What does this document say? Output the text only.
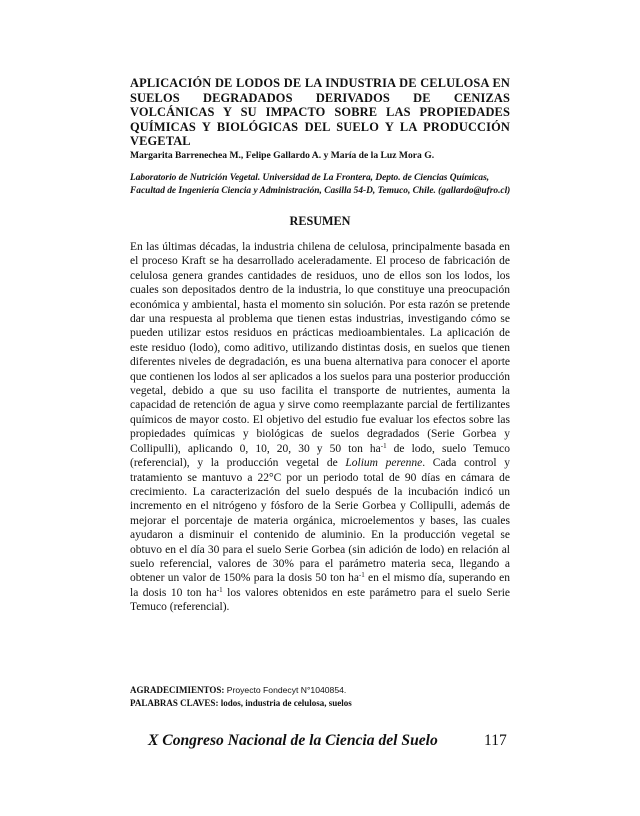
APLICACIÓN DE LODOS DE LA INDUSTRIA DE CELULOSA EN SUELOS DEGRADADOS DERIVADOS DE CENIZAS VOLCÁNICAS Y SU IMPACTO SOBRE LAS PROPIEDADES QUÍMICAS Y BIOLÓGICAS DEL SUELO Y LA PRODUCCIÓN VEGETAL
Margarita Barrenechea M., Felipe Gallardo A. y María de la Luz Mora G.
Laboratorio de Nutrición Vegetal. Universidad de La Frontera, Depto. de Ciencias Químicas,
Facultad de Ingeniería Ciencia y Administración, Casilla 54-D, Temuco, Chile. (gallardo@ufro.cl)
RESUMEN
En las últimas décadas, la industria chilena de celulosa, principalmente basada en el proceso Kraft se ha desarrollado aceleradamente. El proceso de fabricación de celulosa genera grandes cantidades de residuos, uno de ellos son los lodos, los cuales son depositados dentro de la industria, lo que constituye una preocupación económica y ambiental, hasta el momento sin solución. Por esta razón se pretende dar una respuesta al problema que tienen estas industrias, investigando cómo se pueden utilizar estos residuos en prácticas medioambientales. La aplicación de este residuo (lodo), como aditivo, utilizando distintas dosis, en suelos que tienen diferentes niveles de degradación, es una buena alternativa para conocer el aporte que contienen los lodos al ser aplicados a los suelos para una posterior producción vegetal, debido a que su uso facilita el transporte de nutrientes, aumenta la capacidad de retención de agua y sirve como reemplazante parcial de fertilizantes químicos de mayor costo. El objetivo del estudio fue evaluar los efectos sobre las propiedades químicas y biológicas de suelos degradados (Serie Gorbea y Collipulli), aplicando 0, 10, 20, 30 y 50 ton $ha^{-1}$ de lodo, suelo Temuco (referencial), y la producción vegetal de Lolium perenne. Cada control y tratamiento se mantuvo a 22°C por un periodo total de 90 días en cámara de crecimiento. La caracterización del suelo después de la incubación indicó un incremento en el nitrógeno y fósforo de la Serie Gorbea y Collipulli, además de mejorar el porcentaje de materia orgánica, microelementos y bases, las cuales ayudaron a disminuir el contenido de aluminio. En la producción vegetal se obtuvo en el día 30 para el suelo Serie Gorbea (sin adición de lodo) en relación al suelo referencial, valores de 30% para el parámetro materia seca, llegando a obtener un valor de 150% para la dosis 50 ton $ha^{-1}$ en el mismo día, superando en la dosis 10 ton $ha^{-1}$ los valores obtenidos en este parámetro para el suelo Serie Temuco (referencial).
AGRADECIMIENTOS: Proyecto Fondecyt N°1040854.
PALABRAS CLAVES: lodos, industria de celulosa, suelos
X Congreso Nacional de la Ciencia del Suelo	117
